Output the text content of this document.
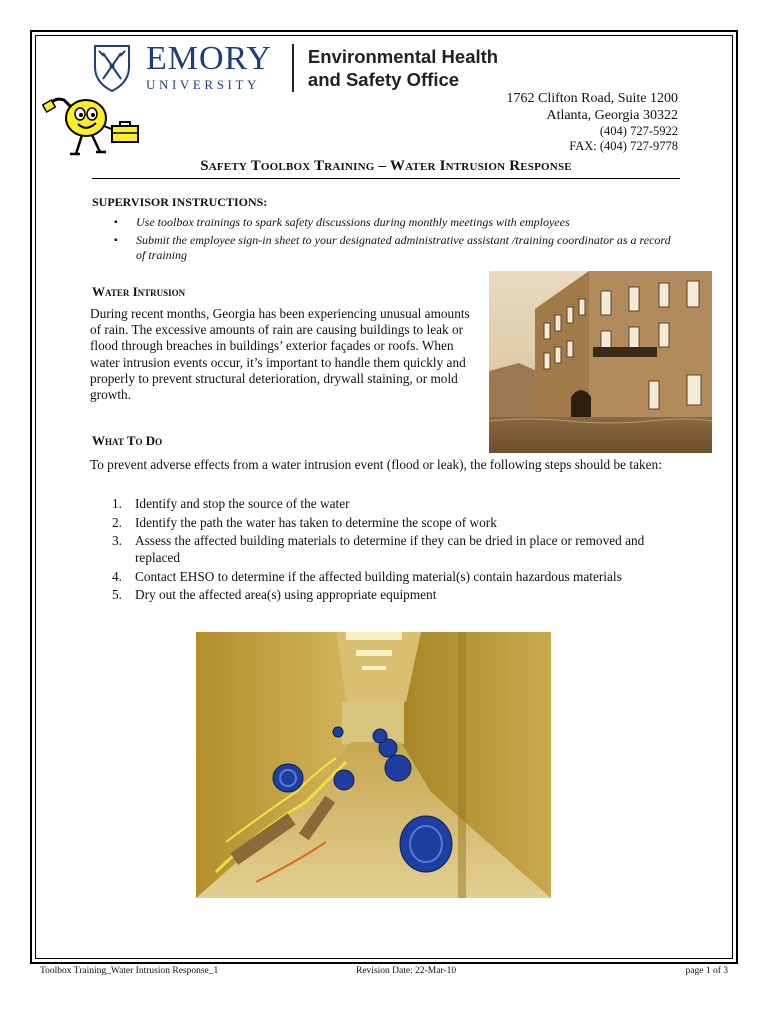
EMORY
UNIVERSITY
Environmental Health
and Safety Office
1762 Clifton Road, Suite 1200
Atlanta, Georgia 30322
(404) 727-5922
FAX: (404) 727-9778
Safety Toolbox Training – Water Intrusion Response
SUPERVISOR INSTRUCTIONS:
▪ Use toolbox trainings to spark safety discussions during monthly meetings with employees
▪ Submit the employee sign-in sheet to your designated administrative assistant /training coordinator as a record of training
Water Intrusion

During recent months, Georgia has been experiencing unusual amounts of rain. The excessive amounts of rain are causing buildings to leak or flood through breaches in buildings’ exterior façades or roofs. When water intrusion events occur, it’s important to handle them quickly and properly to prevent structural deterioration, drywall staining, or mold growth.

What To Do

To prevent adverse effects from a water intrusion event (flood or leak), the following steps should be taken:

1. Identify and stop the source of the water
2. Identify the path the water has taken to determine the scope of work
3. Assess the affected building materials to determine if they can be dried in place or removed and replaced
4. Contact EHSO to determine if the affected building material(s) contain hazardous materials
5. Dry out the affected area(s) using appropriate equipment
Toolbox Training_Water Intrusion Response_1	Revision Date: 22-Mar-10	page 1 of 3
